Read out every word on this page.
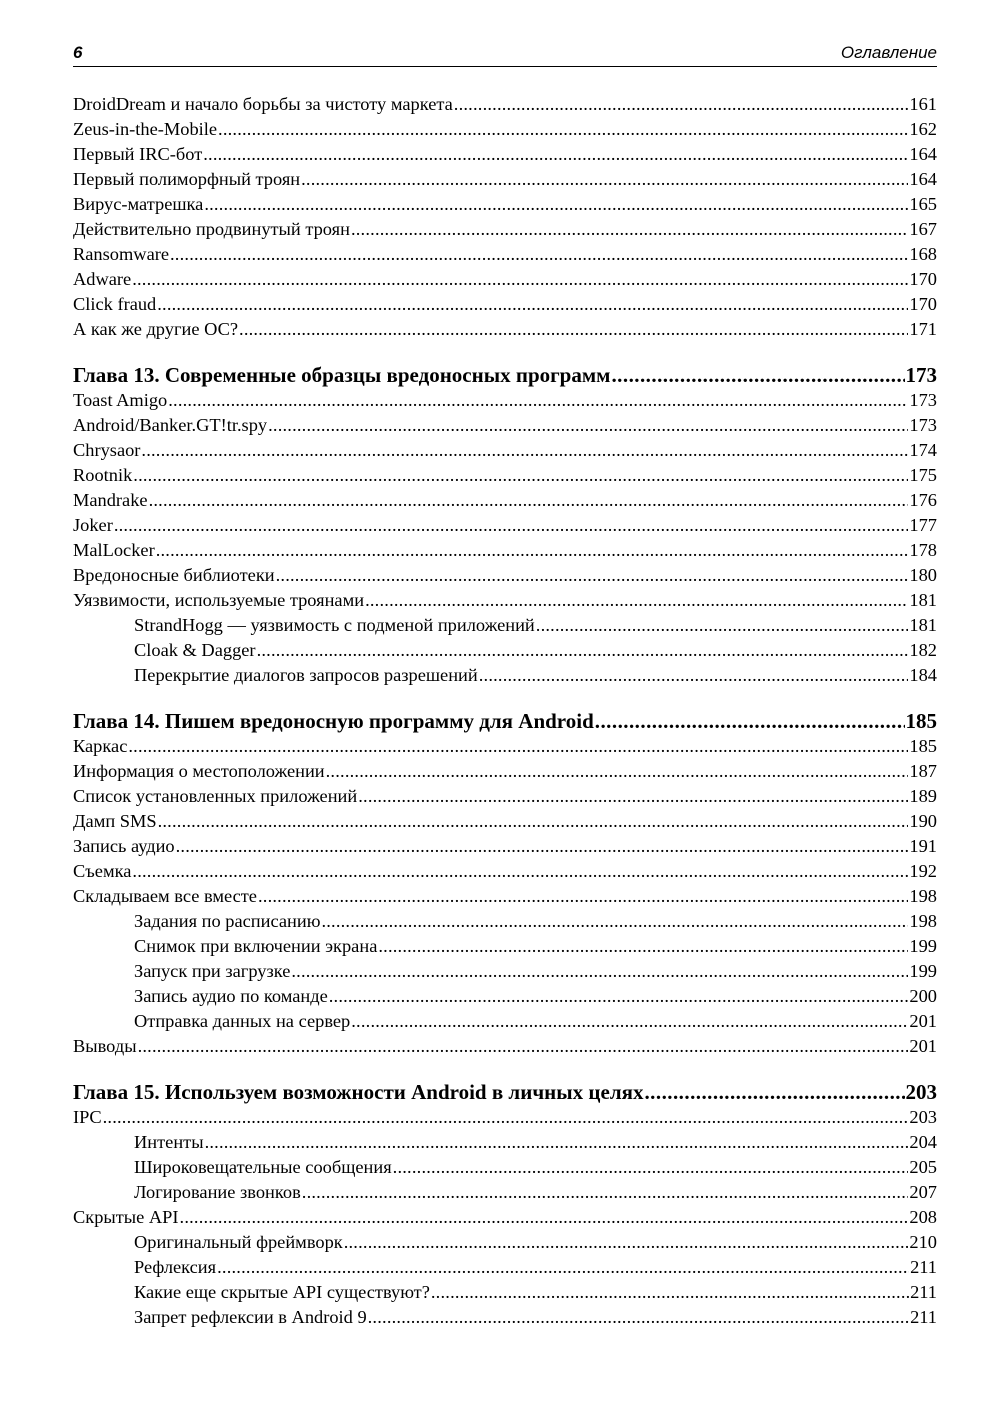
6	Оглавление
DroidDream и начало борьбы за чистоту маркета . . .	161
Zeus-in-the-Mobile . . .	162
Первый IRC-бот . . .	164
Первый полиморфный троян . . .	164
Вирус-матрешка . . .	165
Действительно продвинутый троян . . .	167
Ransomware . . .	168
Adware . . .	170
Click fraud . . .	170
А как же другие ОС? . . .	171
Глава 13. Современные образцы вредоносных программ . . .	173
Toast Amigo . . .	173
Android/Banker.GT!tr.spy . . .	173
Chrysaor . . .	174
Rootnik . . .	175
Mandrake . . .	176
Joker . . .	177
MalLocker . . .	178
Вредоносные библиотеки . . .	180
Уязвимости, используемые троянами . . .	181
StrandHogg — уязвимость с подменой приложений . . .	181
Cloak & Dagger . . .	182
Перекрытие диалогов запросов разрешений . . .	184
Глава 14. Пишем вредоносную программу для Android . . .	185
Каркас . . .	185
Информация о местоположении . . .	187
Список установленных приложений . . .	189
Дамп SMS . . .	190
Запись аудио . . .	191
Съемка . . .	192
Складываем все вместе . . .	198
Задания по расписанию . . .	198
Снимок при включении экрана . . .	199
Запуск при загрузке . . .	199
Запись аудио по команде . . .	200
Отправка данных на сервер . . .	201
Выводы . . .	201
Глава 15. Используем возможности Android в личных целях . . .	203
IPC . . .	203
Интенты . . .	204
Широковещательные сообщения . . .	205
Логирование звонков . . .	207
Скрытые API . . .	208
Оригинальный фреймворк . . .	210
Рефлексия . . .	211
Какие еще скрытые API существуют? . . .	211
Запрет рефлексии в Android 9 . . .	211
